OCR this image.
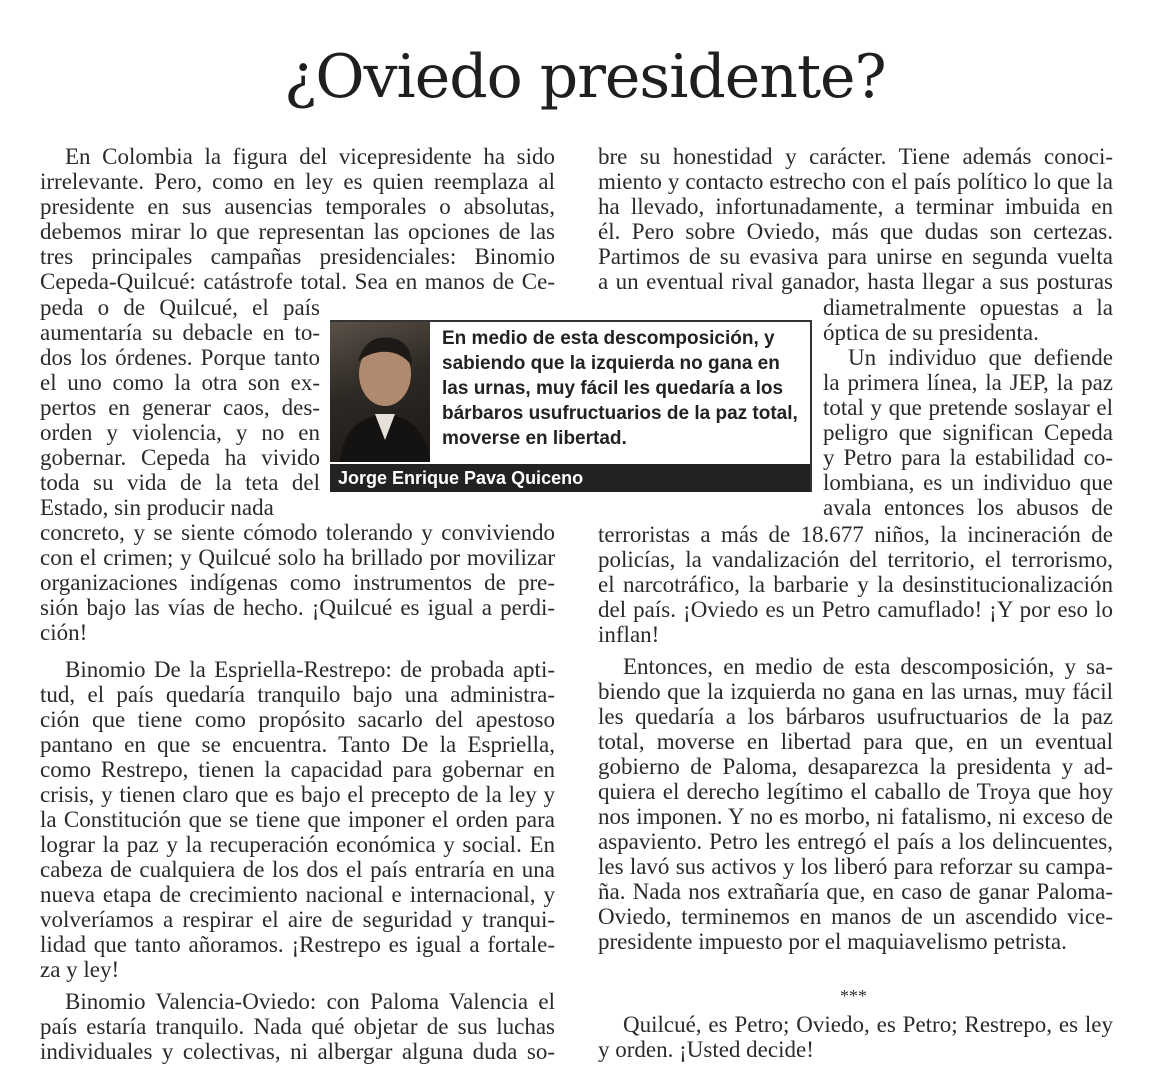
¿Oviedo presidente?
En medio de esta descomposición, y sabiendo que la izquierda no gana en las urnas, muy fácil les quedaría a los bárbaros usufructuarios de la paz total, moverse en libertad.
Jorge Enrique Pava Quiceno
En Colombia la figura del vicepresidente ha sido
irrelevante. Pero, como en ley es quien reemplaza al
presidente en sus ausencias temporales o absolutas,
debemos mirar lo que representan las opciones de las
tres principales campañas presidenciales: Binomio
Cepeda-Quilcué: catástrofe total. Sea en manos de Ce-
peda o de Quilcué, el país
aumentaría su debacle en to-
dos los órdenes. Porque tanto
el uno como la otra son ex-
pertos en generar caos, des-
orden y violencia, y no en
gobernar. Cepeda ha vivido
toda su vida de la teta del
Estado, sin producir nada
concreto, y se siente cómodo tolerando y conviviendo
con el crimen; y Quilcué solo ha brillado por movilizar
organizaciones indígenas como instrumentos de pre-
sión bajo las vías de hecho. ¡Quilcué es igual a perdi-
ción!
Binomio De la Espriella-Restrepo: de probada apti-
tud, el país quedaría tranquilo bajo una administra-
ción que tiene como propósito sacarlo del apestoso
pantano en que se encuentra. Tanto De la Espriella,
como Restrepo, tienen la capacidad para gobernar en
crisis, y tienen claro que es bajo el precepto de la ley y
la Constitución que se tiene que imponer el orden para
lograr la paz y la recuperación económica y social. En
cabeza de cualquiera de los dos el país entraría en una
nueva etapa de crecimiento nacional e internacional, y
volveríamos a respirar el aire de seguridad y tranqui-
lidad que tanto añoramos. ¡Restrepo es igual a fortale-
za y ley!
Binomio Valencia-Oviedo: con Paloma Valencia el
país estaría tranquilo. Nada qué objetar de sus luchas
individuales y colectivas, ni albergar alguna duda so-
bre su honestidad y carácter. Tiene además conoci-
miento y contacto estrecho con el país político lo que la
ha llevado, infortunadamente, a terminar imbuida en
él. Pero sobre Oviedo, más que dudas son certezas.
Partimos de su evasiva para unirse en segunda vuelta
a un eventual rival ganador, hasta llegar a sus posturas
diametralmente opuestas a la
óptica de su presidenta.
Un individuo que defiende
la primera línea, la JEP, la paz
total y que pretende soslayar el
peligro que significan Cepeda
y Petro para la estabilidad co-
lombiana, es un individuo que
avala entonces los abusos de
terroristas a más de 18.677 niños, la incineración de
policías, la vandalización del territorio, el terrorismo,
el narcotráfico, la barbarie y la desinstitucionalización
del país. ¡Oviedo es un Petro camuflado! ¡Y por eso lo
inflan!
Entonces, en medio de esta descomposición, y sa-
biendo que la izquierda no gana en las urnas, muy fácil
les quedaría a los bárbaros usufructuarios de la paz
total, moverse en libertad para que, en un eventual
gobierno de Paloma, desaparezca la presidenta y ad-
quiera el derecho legítimo el caballo de Troya que hoy
nos imponen. Y no es morbo, ni fatalismo, ni exceso de
aspaviento. Petro les entregó el país a los delincuentes,
les lavó sus activos y los liberó para reforzar su campa-
ña. Nada nos extrañaría que, en caso de ganar Paloma-
Oviedo, terminemos en manos de un ascendido vice-
presidente impuesto por el maquiavelismo petrista.
Quilcué, es Petro; Oviedo, es Petro; Restrepo, es ley
y orden. ¡Usted decide!
***
